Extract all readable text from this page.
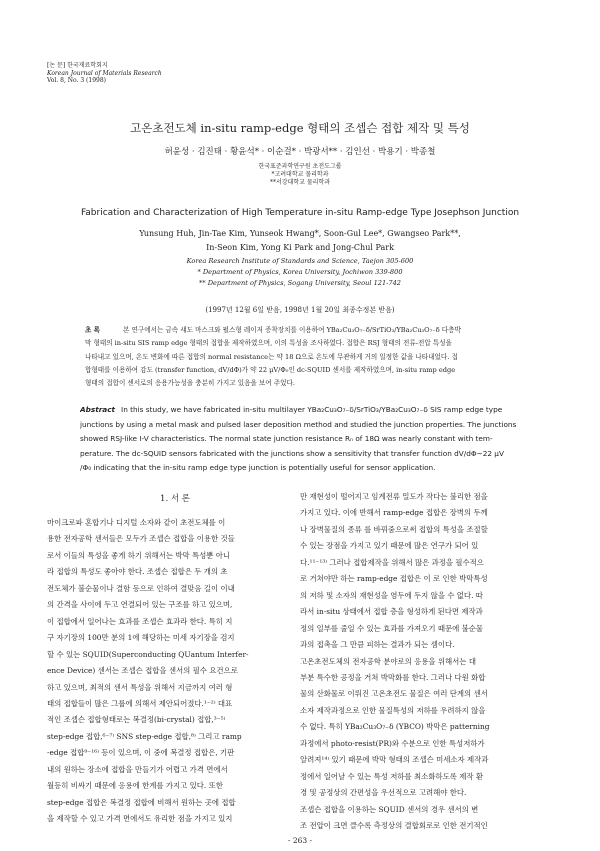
[논 문] 한국재료학회지
Korean Journal of Materials Research
Vol. 8, No. 3 (1998)
고온초전도체 in-situ ramp-edge 형태의 조셉슨 접합 제작 및 특성
허윤성 · 김진태 · 황윤석* · 이순걸* · 박광서** · 김인선 · 박용기 · 박종철
한국표준과학연구원 초전도그룹
*고려대학교 물리학과
**서강대학교 물리학과
Fabrication and Characterization of High Temperature in-situ Ramp-edge Type Josephson Junction
Yunsung Huh, Jin-Tae Kim, Yunseok Hwang*, Soon-Gul Lee*, Gwangseo Park**,
In-Seon Kim, Yong Ki Park and Jong-Chul Park
Korea Research Institute of Standards and Science, Taejon 305-600
* Department of Physics, Korea University, Jochiwon 339-800
** Department of Physics, Sogang University, Seoul 121-742
(1997년 12월 6일 받음, 1998년 1월 20일 최종수정본 받음)
초 록	본 연구에서는 금속 섀도 마스크와 펄스형 레이저 증착장치를 이용하여 YBa₂Cu₃O₇₋δ/SrTiO₃/YBa₂Cu₃O₇₋δ 다층박
막 형태의 in-situ SIS ramp edge 형태의 접합을 제작하였으며, 이의 특성을 조사하였다. 접합은 RSJ 형태의 전류-전압 특성을
나타내고 있으며, 온도 변화에 따른 접합의 normal resistance는 약 18 Ω으로 온도에 무관하게 거의 일정한 값을 나타내었다. 접
합형태를 이용하여 감도 (transfer function, dV/dΦ)가 약 22 μV/Φ₀인 dc-SQUID 센서를 제작하였으며, in-situ ramp edge
형태의 접합이 센서로의 응용가능성을 충분히 가지고 있음을 보여 주었다.
Abstract In this study, we have fabricated in-situ multilayer YBa₂Cu₃O₇₋δ/SrTiO₃/YBa₂Cu₃O₇₋δ SIS ramp edge type
junctions by using a metal mask and pulsed laser deposition method and studied the junction properties. The junctions
showed RSJ-like I-V characteristics. The normal state junction resistance Rₙ of 18Ω was nearly constant with tem-
perature. The dc-SQUID sensors fabricated with the junctions show a sensitivity that transfer function dV/dΦ~22 μV
/Φ₀ indicating that the in-situ ramp edge type junction is potentially useful for sensor application.
1. 서 론
마이크로파 혼합기나 디지털 소자와 같이 초전도체를 이
용한 전자공학 센서들은 모두가 조셉슨 접합을 이용한 것들
로서 이들의 특성을 좋게 하기 위해서는 박막 특성뿐 아니
라 접합의 특성도 좋아야 한다. 조셉슨 접합은 두 개의 초
전도체가 불순물이나 결함 등으로 인하여 결맞음 길이 이내
의 간격을 사이에 두고 연결되어 있는 구조를 하고 있으며,
이 접합에서 일어나는 효과를 조셉슨 효과라 한다. 특히 지
구 자기장의 100만 분의 1에 해당하는 미세 자기장을 검지
할 수 있는 SQUID(Superconducting QUantum Interfer-
ence Device) 센서는 조셉슨 접합을 센서의 필수 요건으로
하고 있으며, 최적의 센서 특성을 위해서 지금까지 여러 형
태의 접합들이 많은 그룹에 의해서 제안되어졌다.¹⁻²⁾ 대표
적인 조셉슨 접합형태로는 복결정(bi-crystal) 접합,³⁻⁵⁾
step-edge 접합,⁶⁻⁷⁾ SNS step-edge 접합,⁸⁾ 그리고 ramp
-edge 접합⁹⁻¹⁶⁾ 등이 있으며, 이 중에 복결정 접합은, 기판
내의 원하는 장소에 접합을 만들기가 어렵고 가격 면에서
월등히 비싸기 때문에 응용에 한계를 가지고 있다. 또한
step-edge 접합은 복결정 접합에 비해서 원하는 곳에 접합
을 제작할 수 있고 가격 면에서도 유리한 점을 가지고 있지
만 재현성이 떨어지고 임계전류 밀도가 작다는 불리한 점을
가지고 있다. 이에 반해서 ramp-edge 접합은 장벽의 두께
나 장벽물질의 종류 를 바꿔줌으로써 접합의 특성을 조절할
수 있는 장점을 가지고 있기 때문에 많은 연구가 되어 있
다.¹¹⁻¹³⁾ 그러나 접합제작을 위해서 많은 과정을 필수적으
로 거쳐야만 하는 ramp-edge 접합은 이 로 인한 박막특성
의 저하 및 소자의 재현성을 염두에 두지 않을 수 없다. 따
라서 in-situ 상태에서 접합 층을 형성하게 된다면 제작과
정의 일부를 줄일 수 있는 효과를 가져오기 때문에 불순물
과의 접촉을 그 만큼 피하는 결과가 되는 셈이다.
고온초전도체의 전자공학 분야로의 응용을 위해서는 대
부분 특수한 공정을 거쳐 박막화를 한다. 그러나 다원 화합
물의 산화물로 이뤄진 고온초전도 물질은 여러 단계의 센서
소자 제작과정으로 인한 물질특성의 저하를 우려하지 않을
수 없다. 특히 YBa₂Cu₃O₇₋δ (YBCO) 박막은 patterning
과정에서 photo-resist(PR)와 수분으로 인한 특성저하가
알려져¹⁴⁾ 있기 때문에 박막 형태의 조셉슨 미세소자 제작과
정에서 일어날 수 있는 특성 저하를 최소화하도록 제작 환
경 및 공정상의 간편성을 우선적으로 고려해야 한다.
조셉슨 접합을 이용하는 SQUID 센서의 경우 센서의 변
조 전압이 크면 클수록 측정상의 결합회로로 인한 전기적인
- 263 -
